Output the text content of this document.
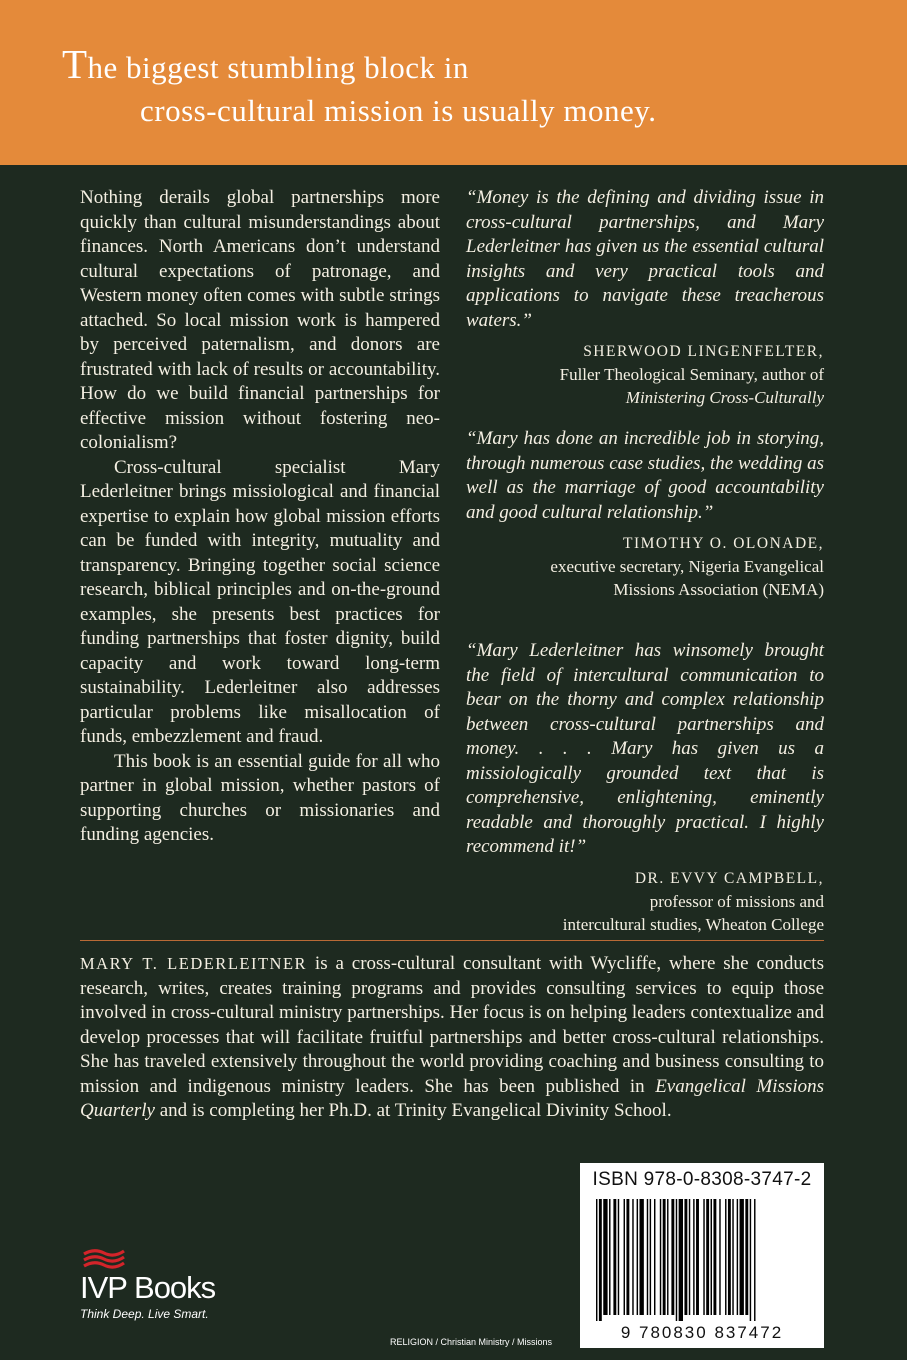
The biggest stumbling block in
cross-cultural mission is usually money.

Nothing derails global partnerships more quickly than cultural misunderstandings about finances. North Americans don’t understand cultural expectations of patronage, and Western money often comes with subtle strings attached. So local mission work is hampered by perceived paternalism, and donors are frustrated with lack of results or accountability. How do we build financial partnerships for effective mission without fostering neo-colonialism?

Cross-cultural specialist Mary Lederleitner brings missiological and financial expertise to explain how global mission efforts can be funded with integrity, mutuality and transparency. Bringing together social science research, biblical principles and on-the-ground examples, she presents best practices for funding partnerships that foster dignity, build capacity and work toward long-term sustainability. Lederleitner also addresses particular problems like misallocation of funds, embezzlement and fraud.

This book is an essential guide for all who partner in global mission, whether pastors of supporting churches or missionaries and funding agencies.

“Money is the defining and dividing issue in cross-cultural partnerships, and Mary Lederleitner has given us the essential cultural insights and very practical tools and applications to navigate these treacherous waters.”

SHERWOOD LINGENFELTER,
Fuller Theological Seminary, author of
Ministering Cross-Culturally

“Mary has done an incredible job in storying, through numerous case studies, the wedding as well as the marriage of good accountability and good cultural relationship.”

TIMOTHY O. OLONADE,
executive secretary, Nigeria Evangelical
Missions Association (NEMA)

“Mary Lederleitner has winsomely brought the field of intercultural communication to bear on the thorny and complex relationship between cross-cultural partnerships and money. . . . Mary has given us a missiologically grounded text that is comprehensive, enlightening, eminently readable and thoroughly practical. I highly recommend it!”

DR. EVVY CAMPBELL,
professor of missions and
intercultural studies, Wheaton College

MARY T. LEDERLEITNER is a cross-cultural consultant with Wycliffe, where she conducts research, writes, creates training programs and provides consulting services to equip those involved in cross-cultural ministry partnerships. Her focus is on helping leaders contextualize and develop processes that will facilitate fruitful partnerships and better cross-cultural relationships. She has traveled extensively throughout the world providing coaching and business consulting to mission and indigenous ministry leaders. She has been published in Evangelical Missions Quarterly and is completing her Ph.D. at Trinity Evangelical Divinity School.

IVP Books
Think Deep. Live Smart.
RELIGION / Christian Ministry / Missions
ISBN 978-0-8308-3747-2
9 780830 837472
